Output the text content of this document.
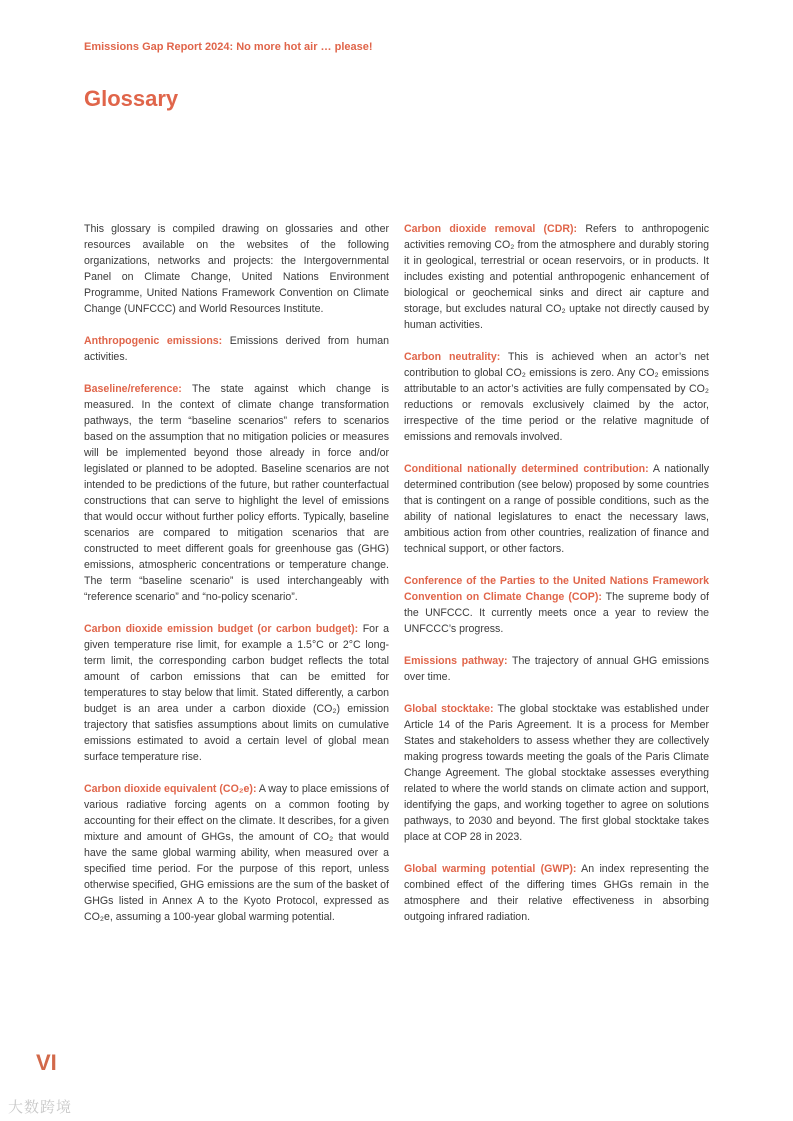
Emissions Gap Report 2024: No more hot air … please!
Glossary

This glossary is compiled drawing on glossaries and other resources available on the websites of the following organizations, networks and projects: the Intergovernmental Panel on Climate Change, United Nations Environment Programme, United Nations Framework Convention on Climate Change (UNFCCC) and World Resources Institute.

Anthropogenic emissions: Emissions derived from human activities.

Baseline/reference: The state against which change is measured. In the context of climate change transformation pathways, the term “baseline scenarios” refers to scenarios based on the assumption that no mitigation policies or measures will be implemented beyond those already in force and/or legislated or planned to be adopted. Baseline scenarios are not intended to be predictions of the future, but rather counterfactual constructions that can serve to highlight the level of emissions that would occur without further policy efforts. Typically, baseline scenarios are compared to mitigation scenarios that are constructed to meet different goals for greenhouse gas (GHG) emissions, atmospheric concentrations or temperature change. The term “baseline scenario” is used interchangeably with “reference scenario” and “no-policy scenario”.

Carbon dioxide emission budget (or carbon budget): For a given temperature rise limit, for example a 1.5°C or 2°C long-term limit, the corresponding carbon budget reflects the total amount of carbon emissions that can be emitted for temperatures to stay below that limit. Stated differently, a carbon budget is an area under a carbon dioxide (CO₂) emission trajectory that satisfies assumptions about limits on cumulative emissions estimated to avoid a certain level of global mean surface temperature rise.

Carbon dioxide equivalent (CO₂e): A way to place emissions of various radiative forcing agents on a common footing by accounting for their effect on the climate. It describes, for a given mixture and amount of GHGs, the amount of CO₂ that would have the same global warming ability, when measured over a specified time period. For the purpose of this report, unless otherwise specified, GHG emissions are the sum of the basket of GHGs listed in Annex A to the Kyoto Protocol, expressed as CO₂e, assuming a 100-year global warming potential.

Carbon dioxide removal (CDR): Refers to anthropogenic activities removing CO₂ from the atmosphere and durably storing it in geological, terrestrial or ocean reservoirs, or in products. It includes existing and potential anthropogenic enhancement of biological or geochemical sinks and direct air capture and storage, but excludes natural CO₂ uptake not directly caused by human activities.

Carbon neutrality: This is achieved when an actor’s net contribution to global CO₂ emissions is zero. Any CO₂ emissions attributable to an actor’s activities are fully compensated by CO₂ reductions or removals exclusively claimed by the actor, irrespective of the time period or the relative magnitude of emissions and removals involved.

Conditional nationally determined contribution: A nationally determined contribution (see below) proposed by some countries that is contingent on a range of possible conditions, such as the ability of national legislatures to enact the necessary laws, ambitious action from other countries, realization of finance and technical support, or other factors.

Conference of the Parties to the United Nations Framework Convention on Climate Change (COP): The supreme body of the UNFCCC. It currently meets once a year to review the UNFCCC’s progress.

Emissions pathway: The trajectory of annual GHG emissions over time.

Global stocktake: The global stocktake was established under Article 14 of the Paris Agreement. It is a process for Member States and stakeholders to assess whether they are collectively making progress towards meeting the goals of the Paris Climate Change Agreement. The global stocktake assesses everything related to where the world stands on climate action and support, identifying the gaps, and working together to agree on solutions pathways, to 2030 and beyond. The first global stocktake takes place at COP 28 in 2023.

Global warming potential (GWP): An index representing the combined effect of the differing times GHGs remain in the atmosphere and their relative effectiveness in absorbing outgoing infrared radiation.

VI
大数跨境
